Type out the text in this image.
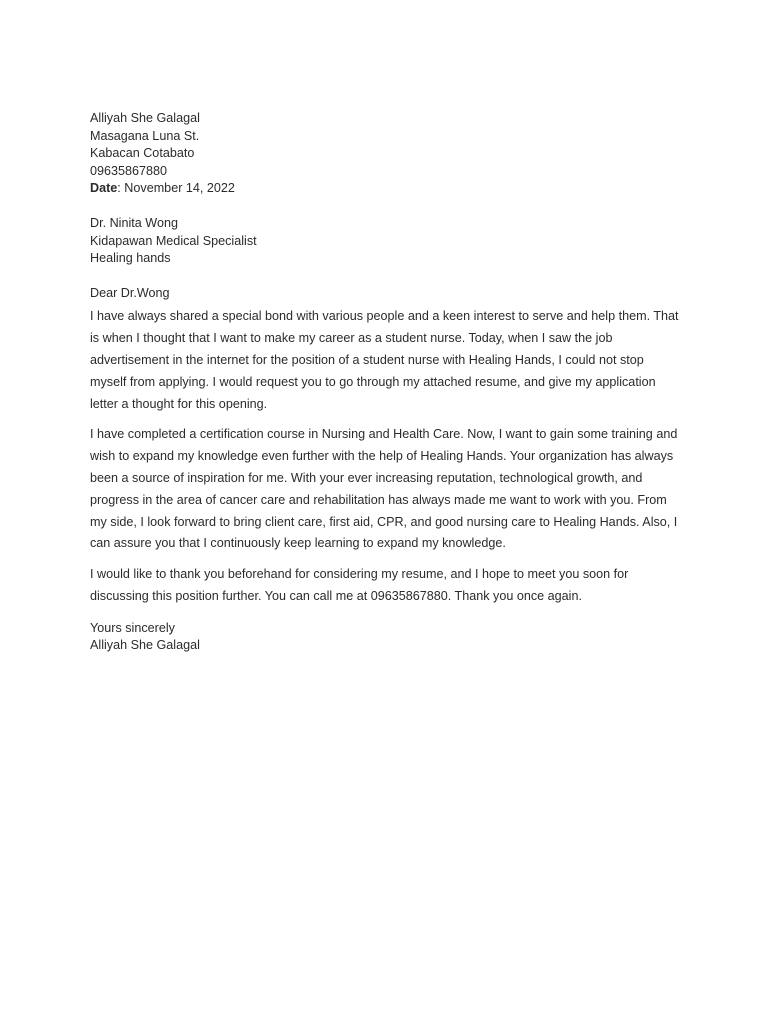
Alliyah She Galagal
Masagana Luna St.
Kabacan Cotabato
09635867880
Date: November 14, 2022
Dr. Ninita Wong
Kidapawan Medical Specialist
Healing hands
Dear Dr.Wong
I have always shared a special bond with various people and a keen interest to serve and help them. That
is when I thought that I want to make my career as a student nurse. Today, when I saw the job
advertisement in the internet for the position of a student nurse with Healing Hands, I could not stop
myself from applying. I would request you to go through my attached resume, and give my application
letter a thought for this opening.
I have completed a certification course in Nursing and Health Care. Now, I want to gain some training and
wish to expand my knowledge even further with the help of Healing Hands. Your organization has always
been a source of inspiration for me. With your ever increasing reputation, technological growth, and
progress in the area of cancer care and rehabilitation has always made me want to work with you. From
my side, I look forward to bring client care, first aid, CPR, and good nursing care to Healing Hands. Also, I
can assure you that I continuously keep learning to expand my knowledge.
I would like to thank you beforehand for considering my resume, and I hope to meet you soon for
discussing this position further. You can call me at 09635867880. Thank you once again.
Yours sincerely
Alliyah She Galagal
